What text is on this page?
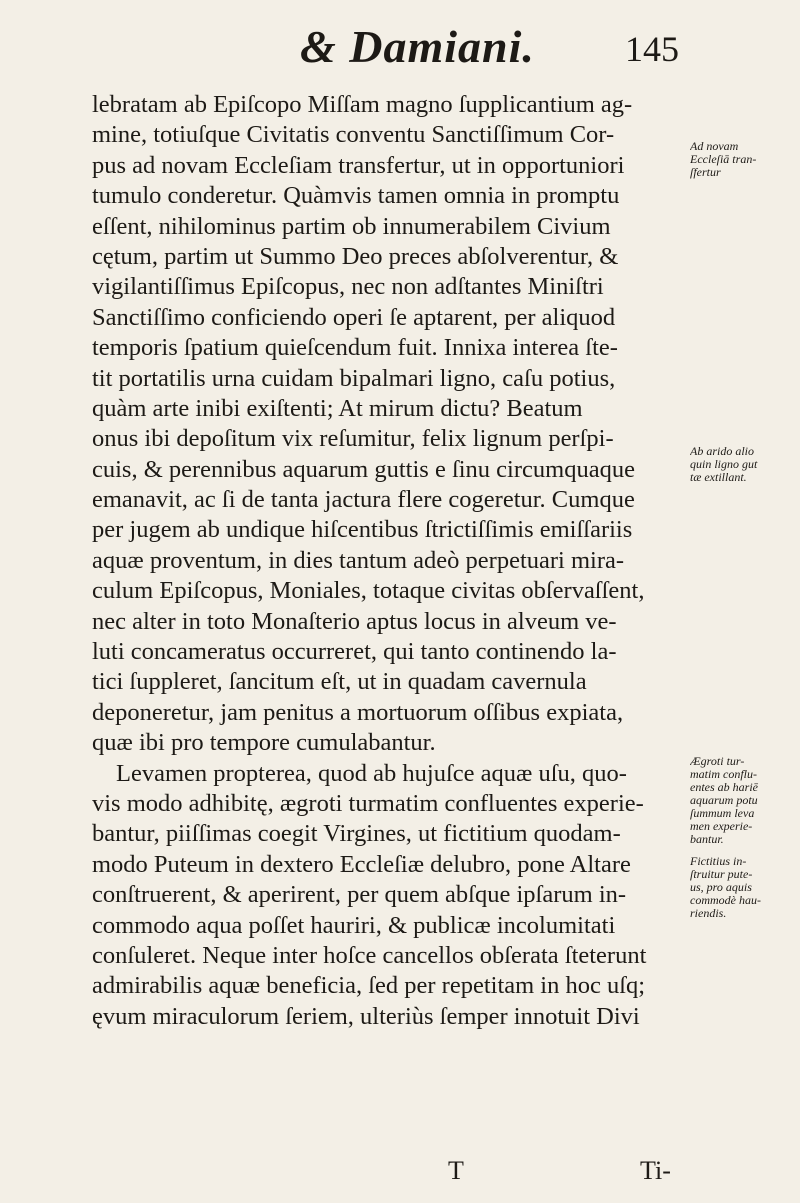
& Damiani.	145
lebratam ab Epiſcopo Miſſam magno ſupplicantium ag-
mine, totiuſque Civitatis conventu Sanctiſſimum Cor-
pus ad novam Eccleſiam transfertur, ut in opportuniori
tumulo conderetur. Quàmvis tamen omnia in promptu
eſſent, nihilominus partim ob innumerabilem Civium
cętum, partim ut Summo Deo preces abſolverentur, &
vigilantiſſimus Epiſcopus, nec non adſtantes Miniſtri
Sanctiſſimo conficiendo operi ſe aptarent, per aliquod
temporis ſpatium quieſcendum fuit. Innixa interea ſte-
tit portatilis urna cuidam bipalmari ligno, caſu potius,
quàm arte inibi exiſtenti; At mirum dictu? Beatum
onus ibi depoſitum vix reſumitur, felix lignum perſpi-
cuis, & perennibus aquarum guttis e ſinu circumquaque
emanavit, ac ſi de tanta jactura flere cogeretur. Cumque
per jugem ab undique hiſcentibus ſtrictiſſimis emiſſariis
aquæ proventum, in dies tantum adeò perpetuari mira-
culum Epiſcopus, Moniales, totaque civitas obſervaſſent,
nec alter in toto Monaſterio aptus locus in alveum ve-
luti concameratus occurreret, qui tanto continendo la-
tici ſuppleret, ſancitum eſt, ut in quadam cavernula
deponeretur, jam penitus a mortuorum oſſibus expiata,
quæ ibi pro tempore cumulabantur.
Levamen propterea, quod ab hujuſce aquæ uſu, quo-
vis modo adhibitę, ægroti turmatim confluentes experie-
bantur, piiſſimas coegit Virgines, ut fictitium quodam-
modo Puteum in dextero Eccleſiæ delubro, pone Altare
conſtruerent, & aperirent, per quem abſque ipſarum in-
commodo aqua poſſet hauriri, & publicæ incolumitati
conſuleret. Neque inter hoſce cancellos obſerata ſteterunt
admirabilis aquæ beneficia, ſed per repetitam in hoc uſq;
ęvum miraculorum ſeriem, ulteriùs ſemper innotuit Divi
Ad novam
Eccleſiā tran-
ſfertur
Ab arido alio
quin ligno gut
tæ extillant.
Ægroti tur-
matim conflu-
entes ab hariē
aquarum potu
ſummum leva
men experie-
bantur.
Fictitius in-
ſtruitur pute-
us, pro aquis
commodè hau-
riendis.
T	Ti-
